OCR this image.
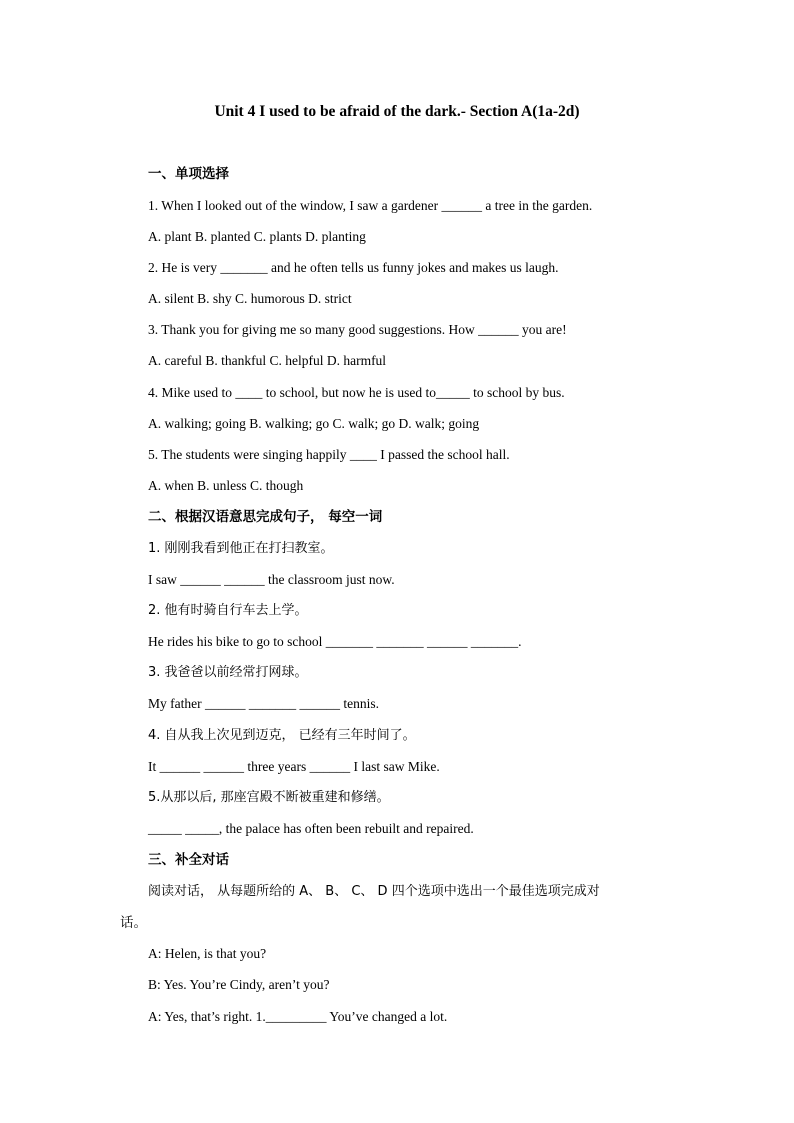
Unit 4 I used to be afraid of the dark.- Section A(1a-2d)
一、单项选择
1. When I looked out of the window, I saw a gardener ______ a tree in the garden.
A. plant B. planted C. plants D. planting
2. He is very _______ and he often tells us funny jokes and makes us laugh.
A. silent B. shy C. humorous D. strict
3. Thank you for giving me so many good suggestions. How ______ you are!
A. careful B. thankful C. helpful D. harmful
4. Mike used to ____ to school, but now he is used to_____ to school by bus.
A. walking; going B. walking; go C. walk; go D. walk; going
5. The students were singing happily ____ I passed the school hall.
A. when B. unless C. though
二、根据汉语意思完成句子， 每空一词
1. 刚刚我看到他正在打扫教室。
I saw ______ ______ the classroom just now.
2. 他有时骑自行车去上学。
He rides his bike to go to school _______ _______ ______ _______.
3. 我爸爸以前经常打网球。
My father ______ _______ ______ tennis.
4. 自从我上次见到迈克， 已经有三年时间了。
It ______ ______ three years ______ I last saw Mike.
5.从那以后, 那座宫殿不断被重建和修缮。
_____ _____, the palace has often been rebuilt and repaired.
三、补全对话
阅读对话， 从每题所给的 A、 B、 C、 D 四个选项中选出一个最佳选项完成对
话。
A: Helen, is that you?
B: Yes. You’re Cindy, aren’t you?
A: Yes, that’s right. 1._________ You’ve changed a lot.
